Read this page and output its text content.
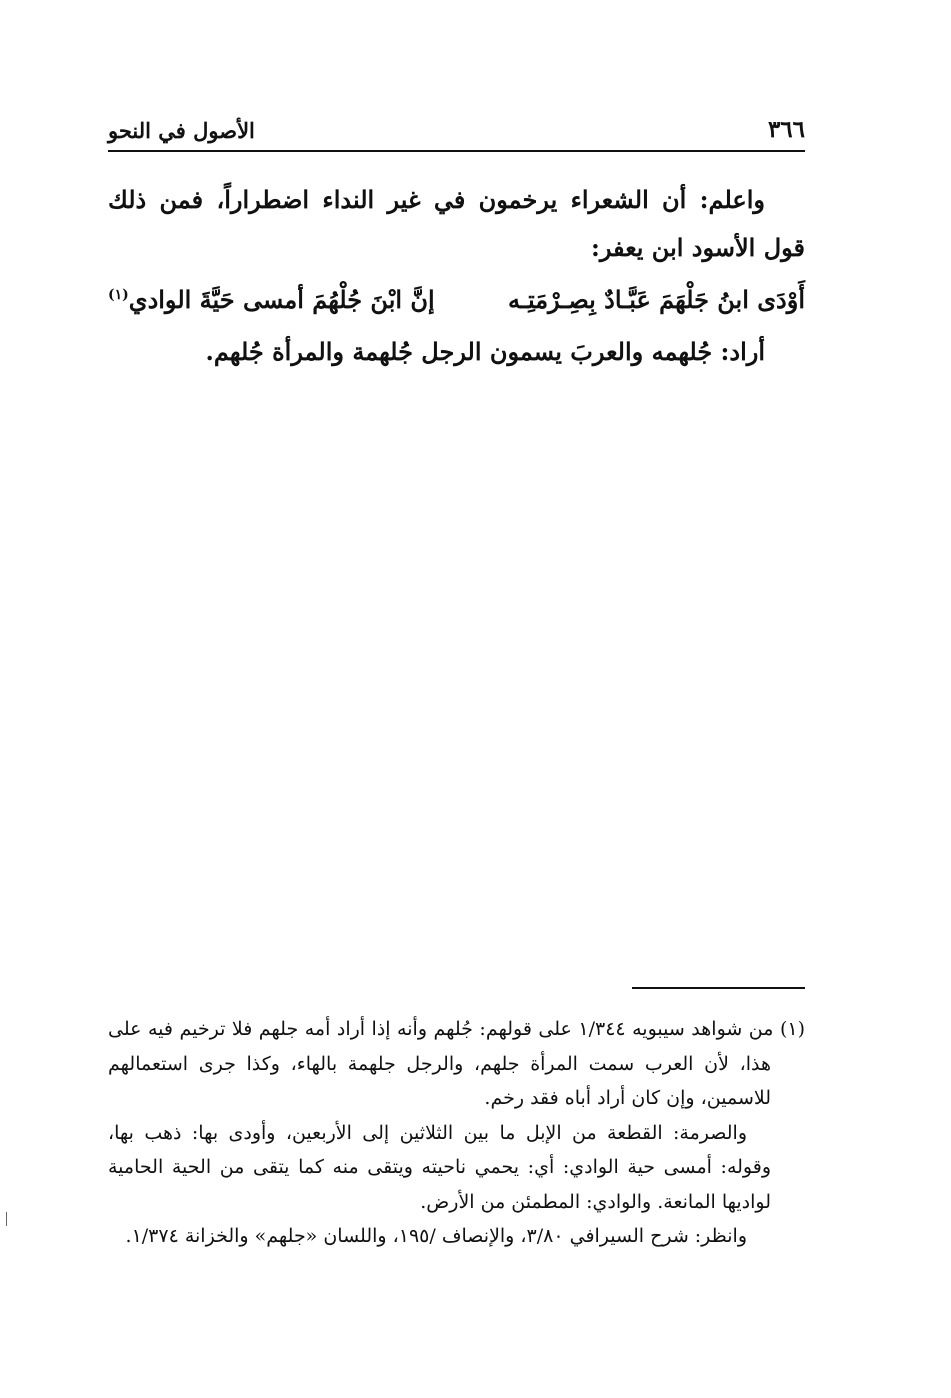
٣٦٦
الأصول في النحو

واعلم: أن الشعراء يرخمون في غير النداء اضطراراً، فمن ذلك قول الأسود ابن يعفر:

أَوْدَى ابنُ جَلْهَمَ عَبَّـادٌ بِصِـرْمَتِـه
إنَّ ابْنَ جُلْهُمَ أمسى حَيَّةَ الوادي$^{(١)}$

أراد: جُلهمه والعربَ يسمون الرجل جُلهمة والمرأة جُلهم.

(١) من شواهد سيبويه ١/٣٤٤ على قولهم: جُلهم وأنه إذا أراد أمه جلهم فلا ترخيم فيه على هذا، لأن العرب سمت المرأة جلهم، والرجل جلهمة بالهاء، وكذا جرى استعمالهم للاسمين، وإن كان أراد أباه فقد رخم.

والصرمة: القطعة من الإبل ما بين الثلاثين إلى الأربعين، وأودى بها: ذهب بها، وقوله: أمسى حية الوادي: أي: يحمي ناحيته ويتقى منه كما يتقى من الحية الحامية لواديها المانعة. والوادي: المطمئن من الأرض.

وانظر: شرح السيرافي ٣/٨٠، والإنصاف /١٩٥، واللسان «جلهم» والخزانة ١/٣٧٤.
